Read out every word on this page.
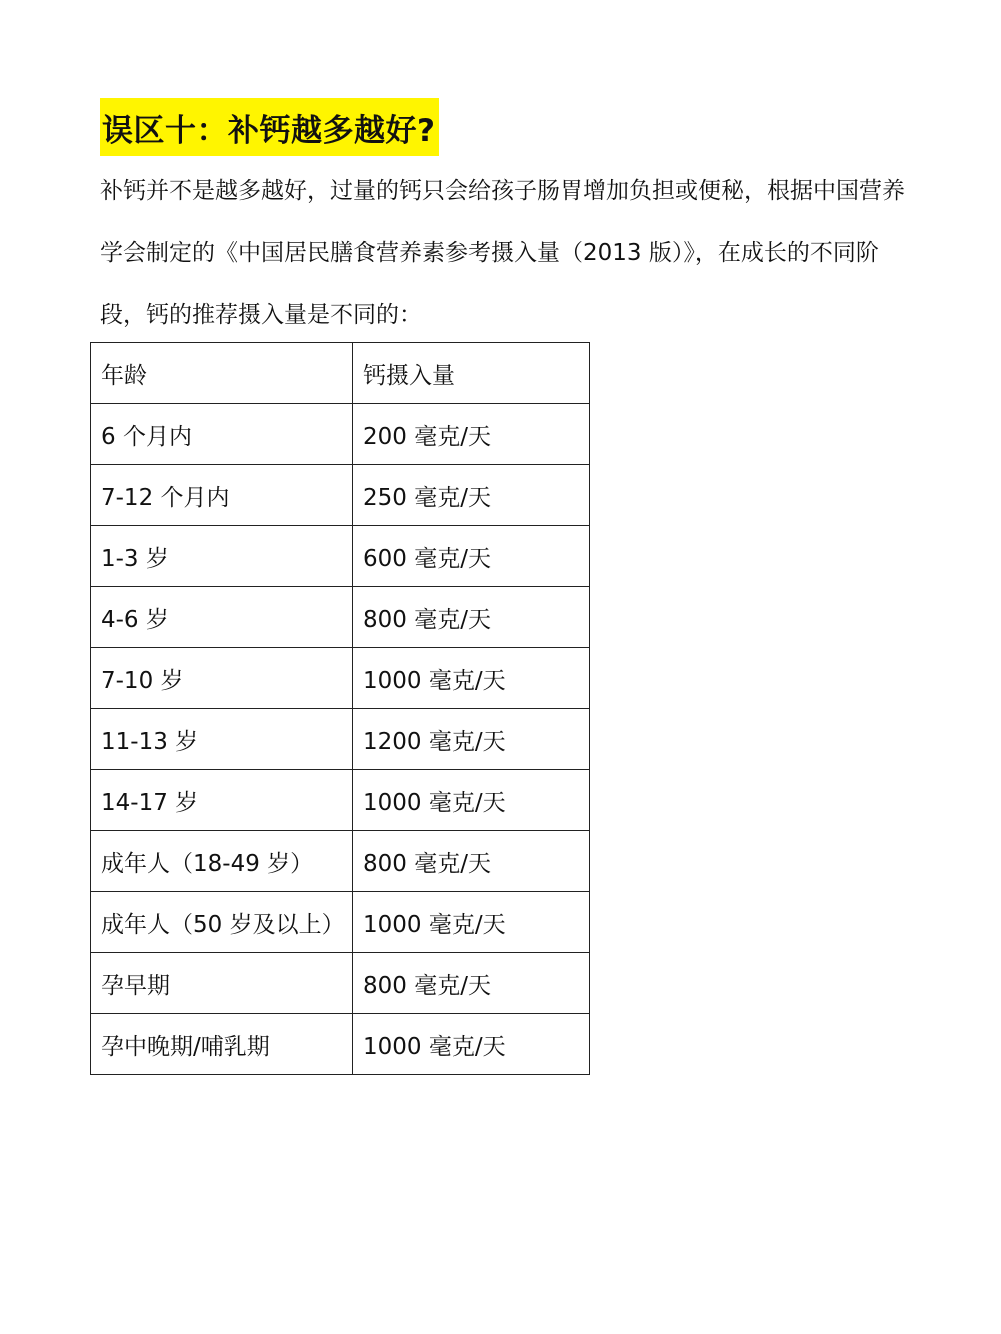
误区十：补钙越多越好?
补钙并不是越多越好，过量的钙只会给孩子肠胃增加负担或便秘，根据中国营养
学会制定的《中国居民膳食营养素参考摄入量（2013 版）》，在成长的不同阶
段，钙的推荐摄入量是不同的：
年龄	钙摄入量
6 个月内	200 毫克/天
7-12 个月内	250 毫克/天
1-3 岁	600 毫克/天
4-6 岁	800 毫克/天
7-10 岁	1000 毫克/天
11-13 岁	1200 毫克/天
14-17 岁	1000 毫克/天
成年人（18-49 岁）	800 毫克/天
成年人（50 岁及以上）	1000 毫克/天
孕早期	800 毫克/天
孕中晚期/哺乳期	1000 毫克/天
